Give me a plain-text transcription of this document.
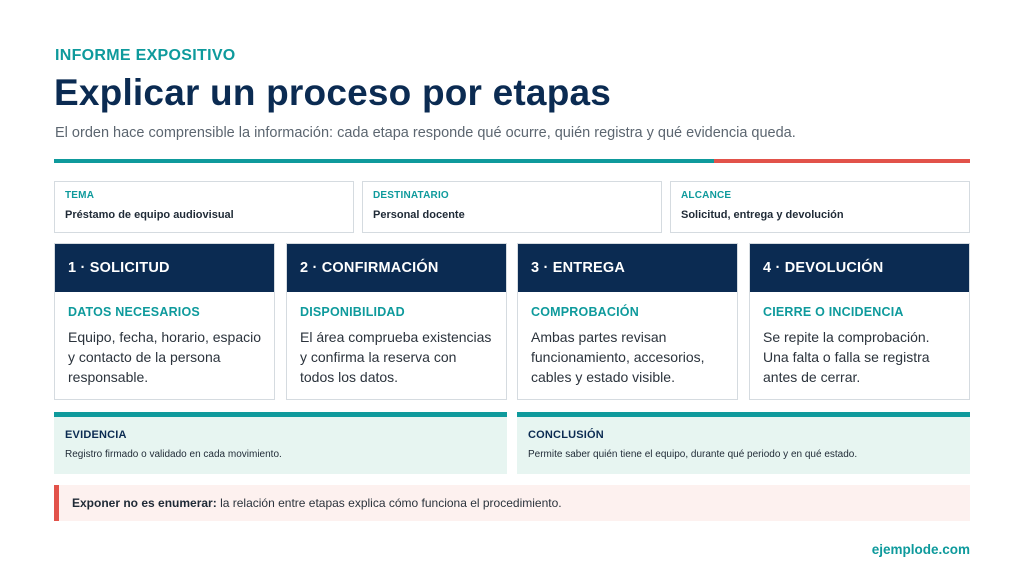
INFORME EXPOSITIVO
Explicar un proceso por etapas

El orden hace comprensible la información: cada etapa responde qué ocurre, quién registra y qué evidencia queda.

TEMA
Préstamo de equipo audiovisual
DESTINATARIO
Personal docente
ALCANCE
Solicitud, entrega y devolución
1 · SOLICITUD
DATOS NECESARIOS
Equipo, fecha, horario, espacio y contacto de la persona responsable.
2 · CONFIRMACIÓN
DISPONIBILIDAD
El área comprueba existencias y confirma la reserva con todos los datos.
3 · ENTREGA
COMPROBACIÓN
Ambas partes revisan funcionamiento, accesorios, cables y estado visible.
4 · DEVOLUCIÓN
CIERRE O INCIDENCIA
Se repite la comprobación. Una falta o falla se registra antes de cerrar.
EVIDENCIA
Registro firmado o validado en cada movimiento.
CONCLUSIÓN
Permite saber quién tiene el equipo, durante qué periodo y en qué estado.
Exponer no es enumerar: la relación entre etapas explica cómo funciona el procedimiento.
ejemplode.com
